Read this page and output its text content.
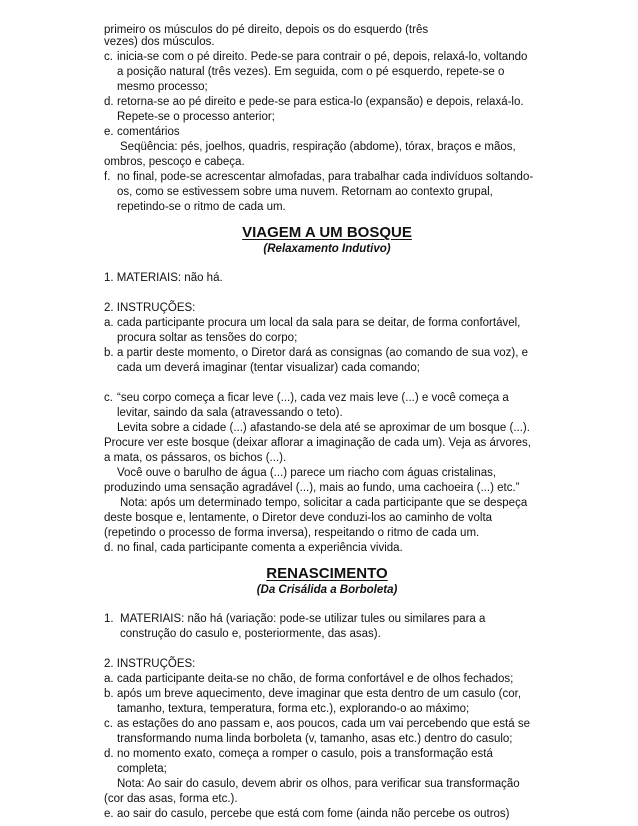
primeiro os músculos do pé direito, depois os do esquerdo (três

vezes) dos músculos.

c. inicia-se com o pé direito. Pede-se para contrair o pé, depois, relaxá-lo, voltando a posição natural (três vezes). Em seguida, com o pé esquerdo, repete-se o mesmo processo;
d. retorna-se ao pé direito e pede-se para estica-lo (expansão) e depois, relaxá-lo. Repete-se o processo anterior;
e. comentários

Seqüência: pés, joelhos, quadris, respiração (abdome), tórax, braços e mãos, ombros, pescoço e cabeça.

f. no final, pode-se acrescentar almofadas, para trabalhar cada indivíduos soltando-os, como se estivessem sobre uma nuvem. Retornam ao contexto grupal, repetindo-se o ritmo de cada um.
VIAGEM A UM BOSQUE
(Relaxamento Indutivo)

1. MATERIAIS: não há.

2. INSTRUÇÕES:

a. cada participante procura um local da sala para se deitar, de forma confortável, procura soltar as tensões do corpo;
b. a partir deste momento, o Diretor dará as consignas (ao comando de sua voz), e cada um deverá imaginar (tentar visualizar) cada comando;
c. “seu corpo começa a ficar leve (...), cada vez mais leve (...) e você começa a levitar, saindo da sala (atravessando o teto).

Levita sobre a cidade (...) afastando-se dela até se aproximar de um bosque (...). Procure ver este bosque (deixar aflorar a imaginação de cada um). Veja as árvores, a mata, os pássaros, os bichos (...).

Você ouve o barulho de água (...) parece um riacho com águas cristalinas, produzindo uma sensação agradável (...), mais ao fundo, uma cachoeira (...) etc.”

Nota: após um determinado tempo, solicitar a cada participante que se despeça deste bosque e, lentamente, o Diretor deve conduzi-los ao caminho de volta (repetindo o processo de forma inversa), respeitando o ritmo de cada um.

d. no final, cada participante comenta a experiência vivida.
RENASCIMENTO
(Da Crisálida a Borboleta)
1. MATERIAIS: não há (variação: pode-se utilizar tules ou similares para a construção do casulo e, posteriormente, das asas).

2. INSTRUÇÕES:

a. cada participante deita-se no chão, de forma confortável e de olhos fechados;
b. após um breve aquecimento, deve imaginar que esta dentro de um casulo (cor, tamanho, textura, temperatura, forma etc.), explorando-o ao máximo;
c. as estações do ano passam e, aos poucos, cada um vai percebendo que está se transformando numa linda borboleta (v, tamanho, asas etc.) dentro do casulo;
d. no momento exato, começa a romper o casulo, pois a transformação está completa;

Nota: Ao sair do casulo, devem abrir os olhos, para verificar sua transformação (cor das asas, forma etc.).

e. ao sair do casulo, percebe que está com fome (ainda não percebe os outros)
